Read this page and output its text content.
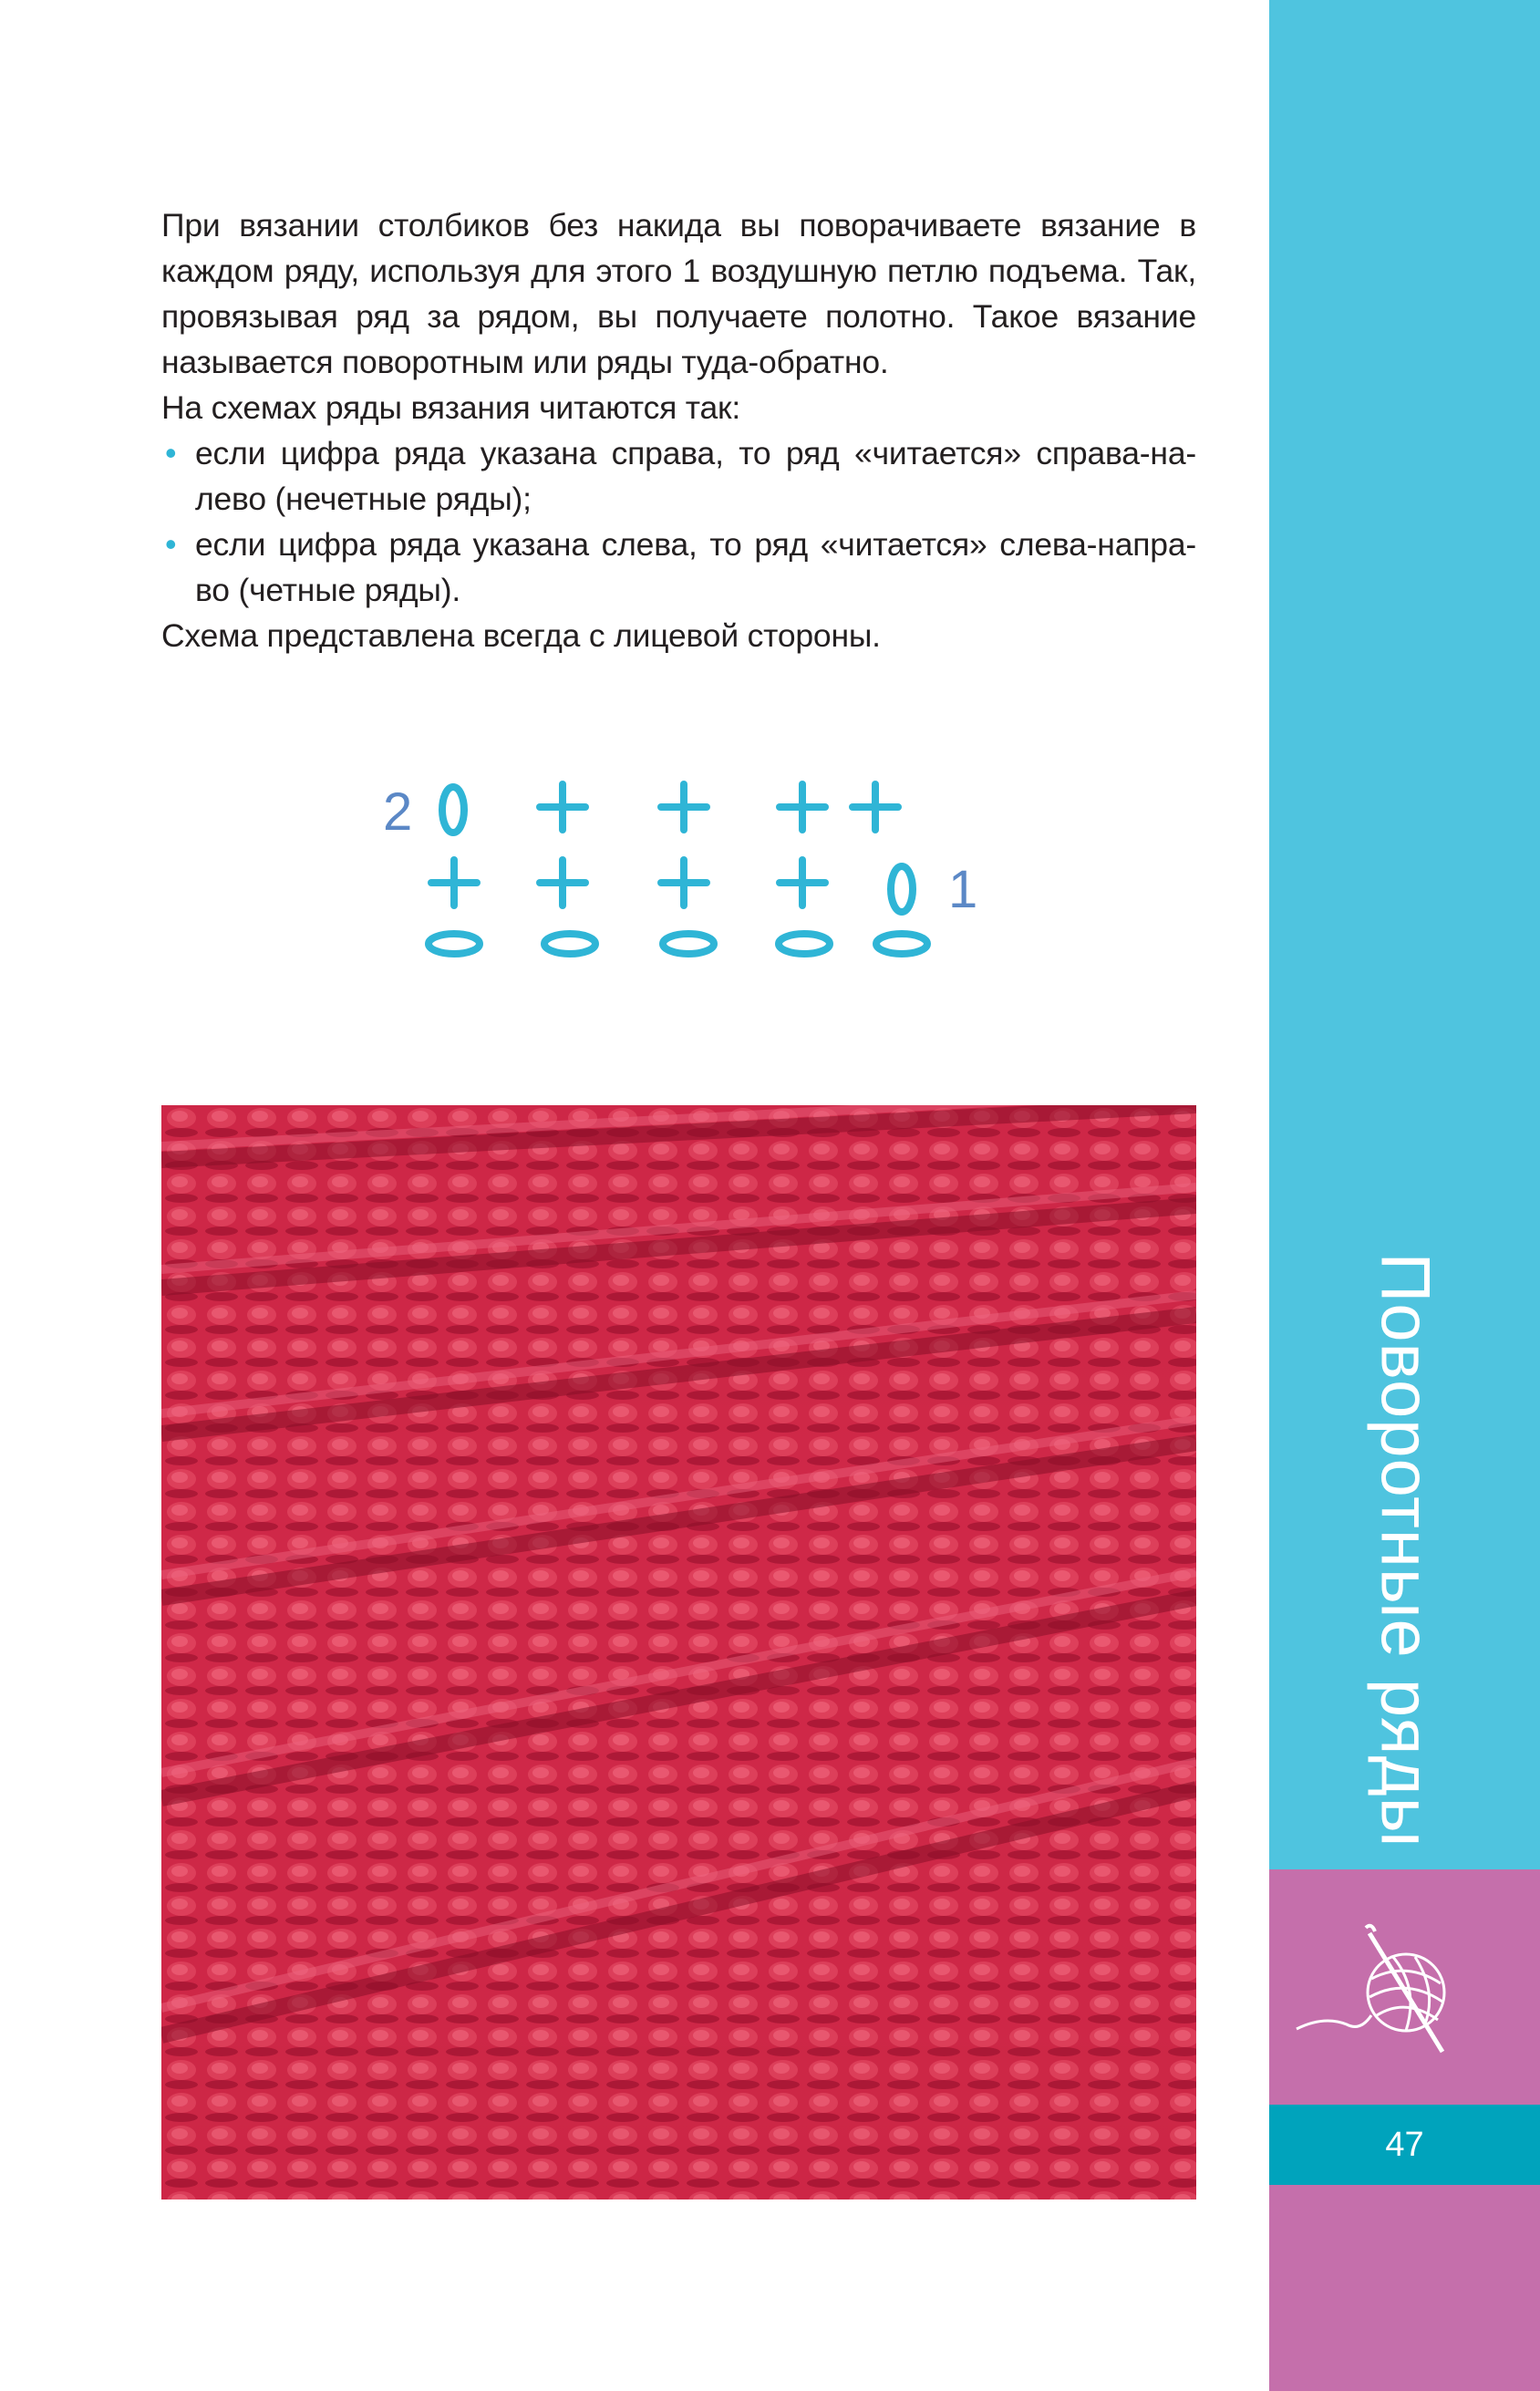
При вязании столбиков без накида вы поворачиваете вязание в каждом ряду, используя для этого 1 воздушную петлю подъема. Так, провязывая ряд за рядом, вы получаете полотно. Такое вязание называется поворотным или ряды туда-обратно.

На схемах ряды вязания читаются так:

• если цифра ряда указана справа, то ряд «читается» справа-на-
лево (нечетные ряды);
• если цифра ряда указана слева, то ряд «читается» слева-напра-
во (четные ряды).

Схема представлена всегда с лицевой стороны.

2
1
Поворотные ряды
47
